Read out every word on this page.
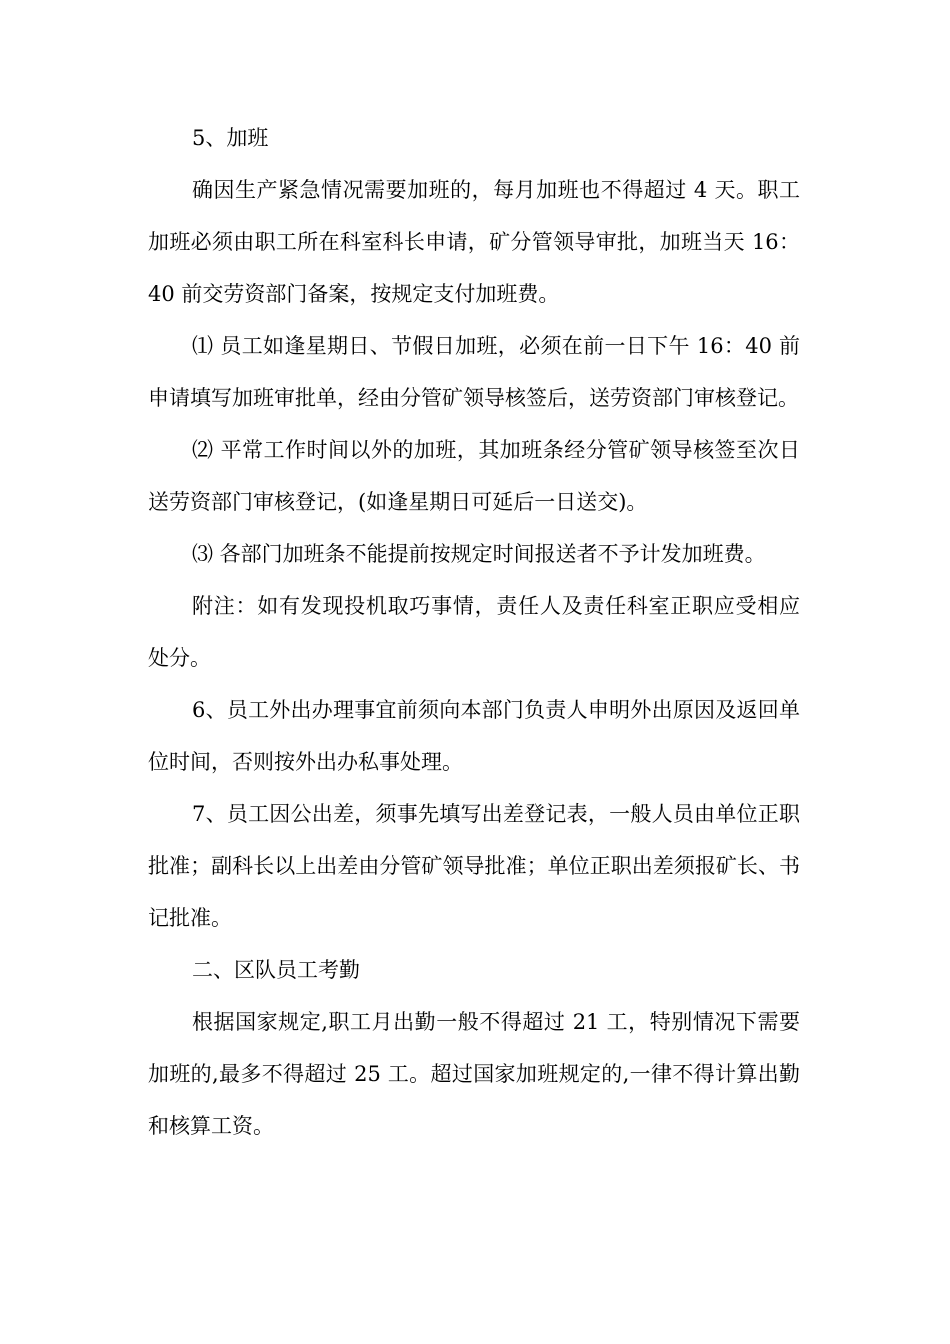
5、加班

确因生产紧急情况需要加班的，每月加班也不得超过 4 天。职工加班必须由职工所在科室科长申请，矿分管领导审批，加班当天 16：40 前交劳资部门备案，按规定支付加班费。

⑴ 员工如逢星期日、节假日加班，必须在前一日下午 16：40 前申请填写加班审批单，经由分管矿领导核签后，送劳资部门审核登记。

⑵ 平常工作时间以外的加班，其加班条经分管矿领导核签至次日送劳资部门审核登记，(如逢星期日可延后一日送交)。

⑶ 各部门加班条不能提前按规定时间报送者不予计发加班费。

附注：如有发现投机取巧事情，责任人及责任科室正职应受相应处分。

6、员工外出办理事宜前须向本部门负责人申明外出原因及返回单位时间，否则按外出办私事处理。

7、员工因公出差，须事先填写出差登记表，一般人员由单位正职批准；副科长以上出差由分管矿领导批准；单位正职出差须报矿长、书记批准。

二、区队员工考勤

根据国家规定,职工月出勤一般不得超过 21 工，特别情况下需要加班的,最多不得超过 25 工。超过国家加班规定的,一律不得计算出勤和核算工资。
